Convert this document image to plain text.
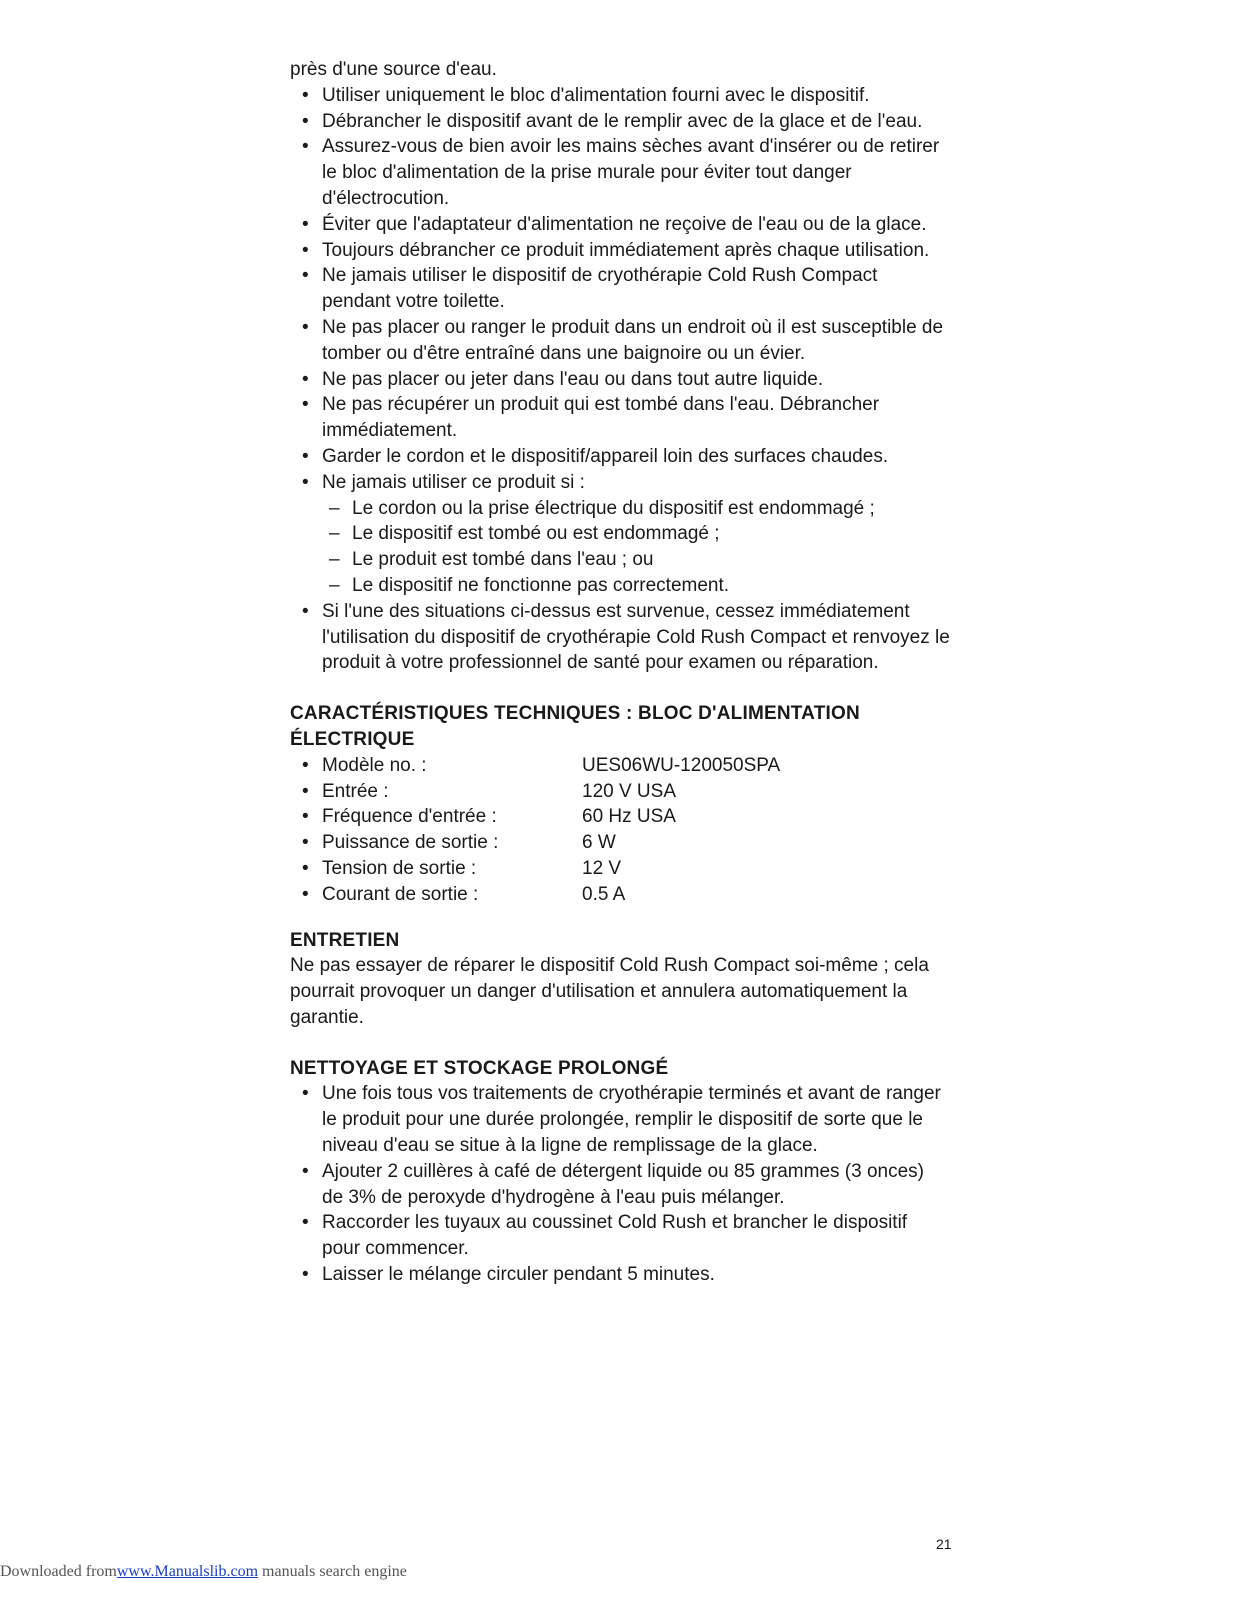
près d'une source d'eau.

• Utiliser uniquement le bloc d'alimentation fourni avec le dispositif.
• Débrancher le dispositif avant de le remplir avec de la glace et de l'eau.
• Assurez-vous de bien avoir les mains sèches avant d'insérer ou de retirer le bloc d'alimentation de la prise murale pour éviter tout danger d'électrocution.
• Éviter que l'adaptateur d'alimentation ne reçoive de l'eau ou de la glace.
• Toujours débrancher ce produit immédiatement après chaque utilisation.
• Ne jamais utiliser le dispositif de cryothérapie Cold Rush Compact pendant votre toilette.
• Ne pas placer ou ranger le produit dans un endroit où il est susceptible de tomber ou d'être entraîné dans une baignoire ou un évier.
• Ne pas placer ou jeter dans l'eau ou dans tout autre liquide.
• Ne pas récupérer un produit qui est tombé dans l'eau. Débrancher immédiatement.
• Garder le cordon et le dispositif/appareil loin des surfaces chaudes.
• Ne jamais utiliser ce produit si :
– Le cordon ou la prise électrique du dispositif est endommagé ;
– Le dispositif est tombé ou est endommagé ;
– Le produit est tombé dans l'eau ; ou
– Le dispositif ne fonctionne pas correctement.
• Si l'une des situations ci-dessus est survenue, cessez immédiatement l'utilisation du dispositif de cryothérapie Cold Rush Compact et renvoyez le produit à votre professionnel de santé pour examen ou réparation.
CARACTÉRISTIQUES TECHNIQUES : BLOC D'ALIMENTATION ÉLECTRIQUE
• Modèle no. :	UES06WU-120050SPA
• Entrée :	120 V USA
• Fréquence d'entrée :	60 Hz USA
• Puissance de sortie :	6 W
• Tension de sortie :	12 V
• Courant de sortie :	0.5 A
ENTRETIEN

Ne pas essayer de réparer le dispositif Cold Rush Compact soi-même ; cela pourrait provoquer un danger d'utilisation et annulera automatiquement la garantie.

NETTOYAGE ET STOCKAGE PROLONGÉ
• Une fois tous vos traitements de cryothérapie terminés et avant de ranger le produit pour une durée prolongée, remplir le dispositif de sorte que le niveau d'eau se situe à la ligne de remplissage de la glace.
• Ajouter 2 cuillères à café de détergent liquide ou 85 grammes (3 onces) de 3% de peroxyde d'hydrogène à l'eau puis mélanger.
• Raccorder les tuyaux au coussinet Cold Rush et brancher le dispositif pour commencer.
• Laisser le mélange circuler pendant 5 minutes.
21
Downloaded fromwww.Manualslib.com manuals search engine
